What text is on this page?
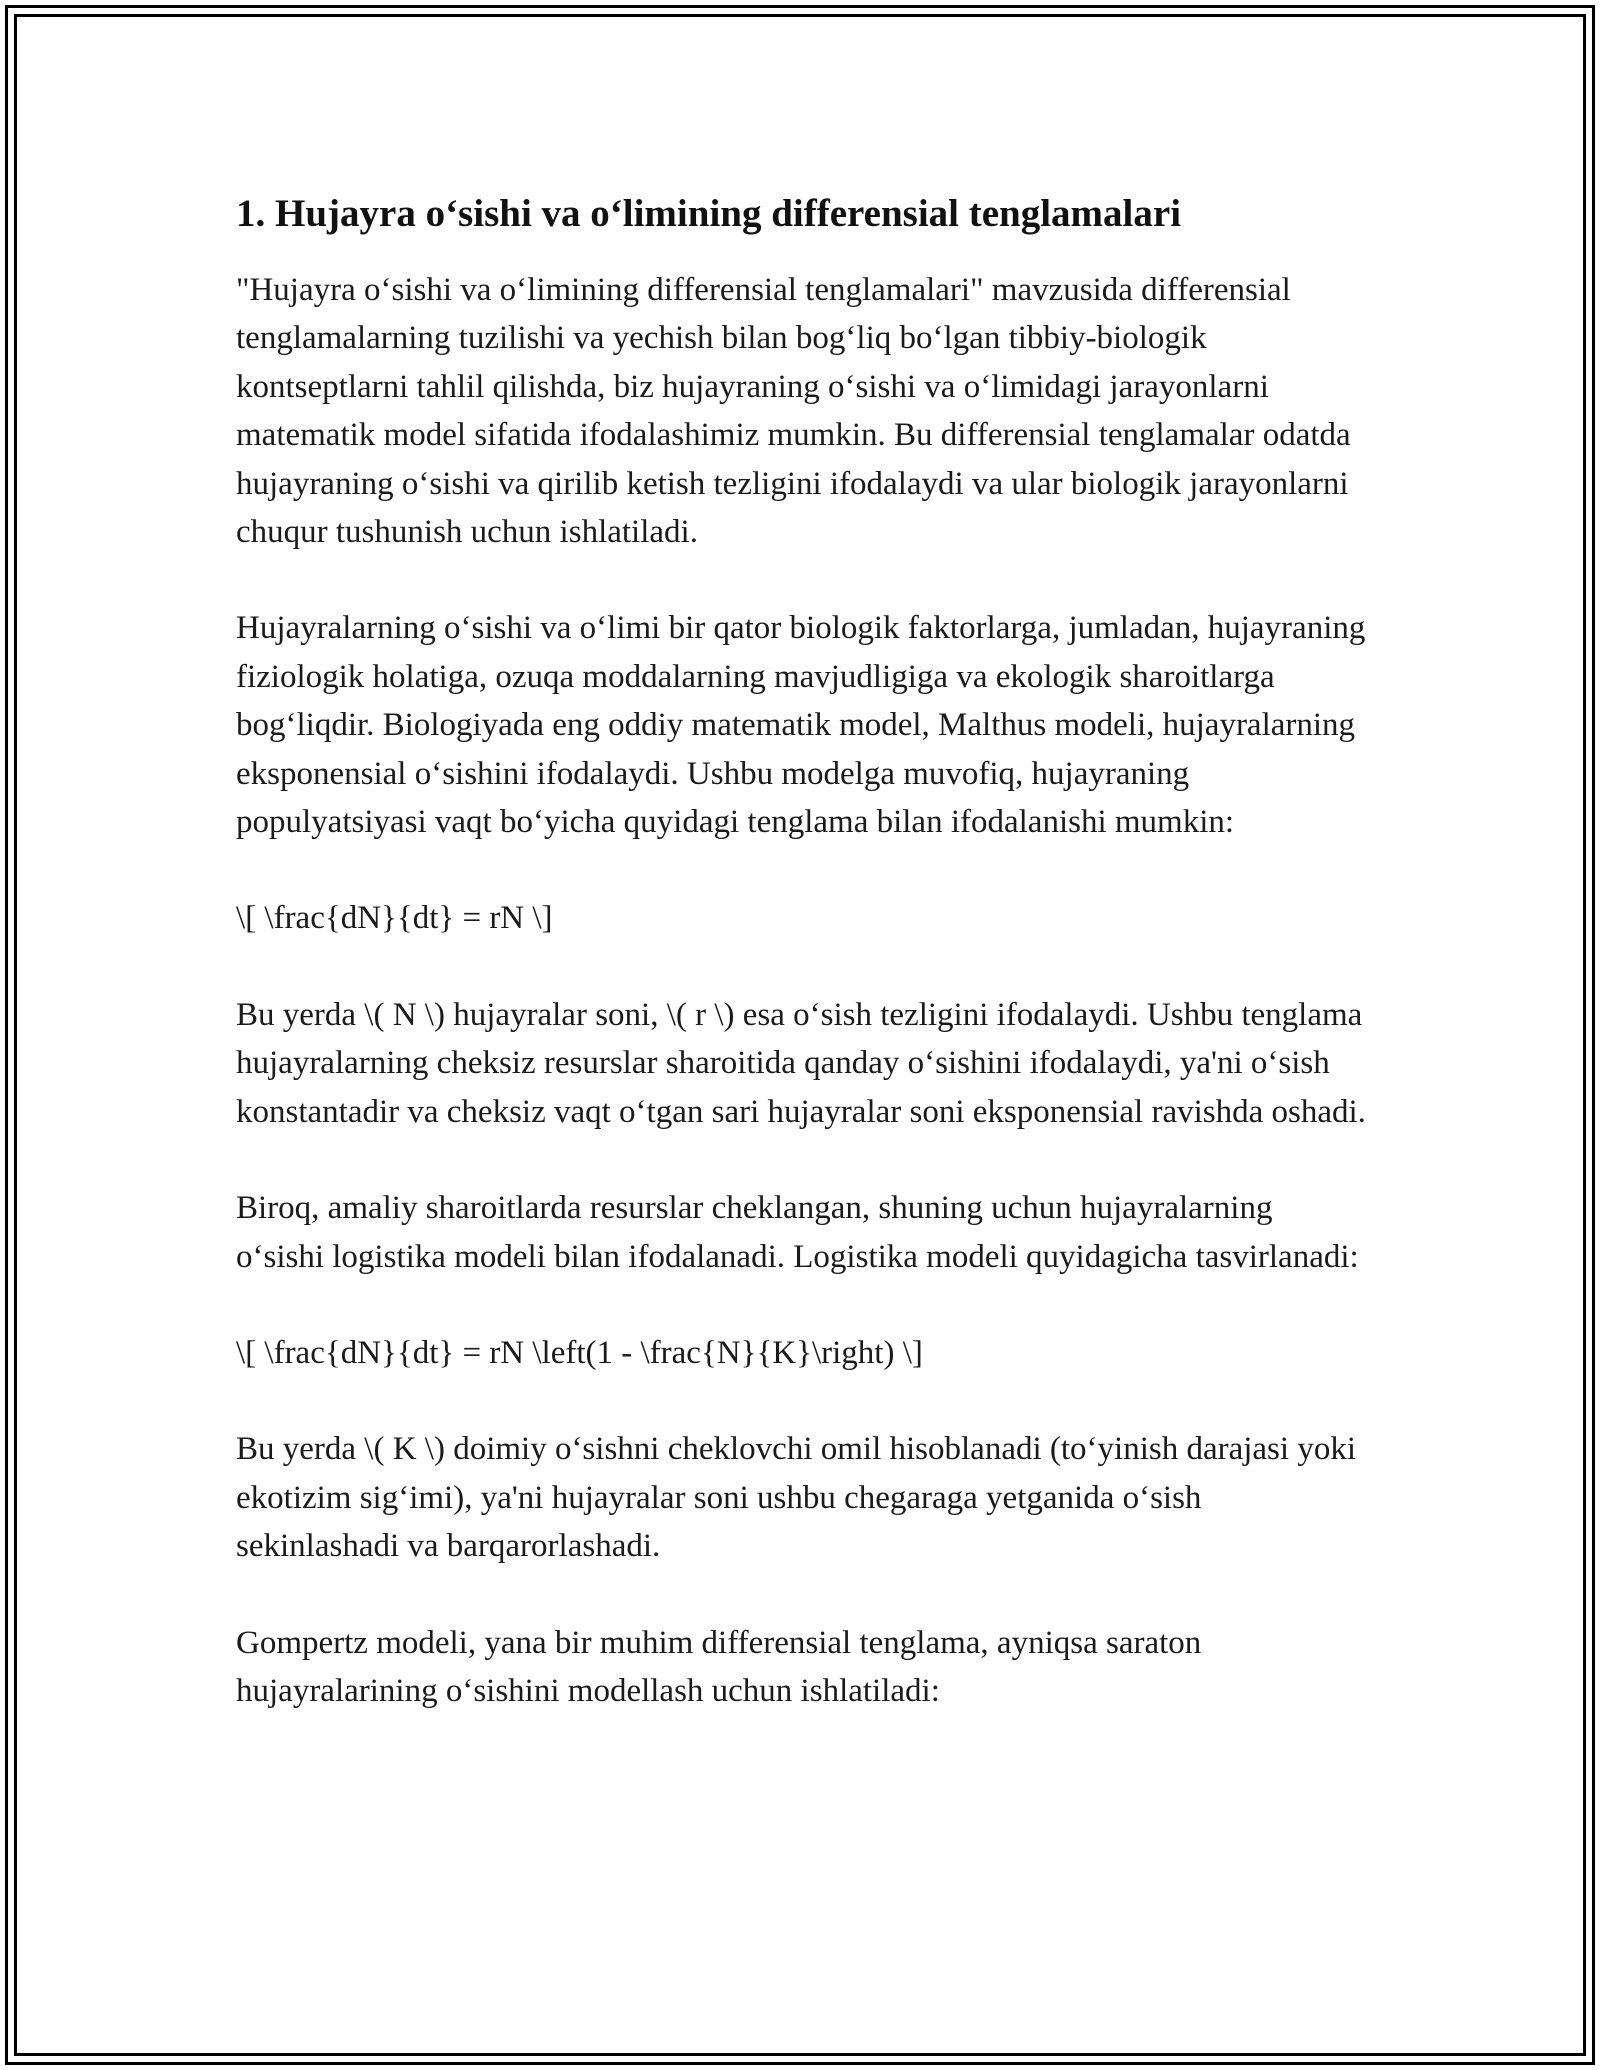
1. Hujayra o‘sishi va o‘limining differensial tenglamalari

"Hujayra o‘sishi va o‘limining differensial tenglamalari" mavzusida differensial tenglamalarning tuzilishi va yechish bilan bog‘liq bo‘lgan tibbiy-biologik kontseptlarni tahlil qilishda, biz hujayraning o‘sishi va o‘limidagi jarayonlarni matematik model sifatida ifodalashimiz mumkin. Bu differensial tenglamalar odatda hujayraning o‘sishi va qirilib ketish tezligini ifodalaydi va ular biologik jarayonlarni chuqur tushunish uchun ishlatiladi.

Hujayralarning o‘sishi va o‘limi bir qator biologik faktorlarga, jumladan, hujayraning fiziologik holatiga, ozuqa moddalarning mavjudligiga va ekologik sharoitlarga bog‘liqdir. Biologiyada eng oddiy matematik model, Malthus modeli, hujayralarning eksponensial o‘sishini ifodalaydi. Ushbu modelga muvofiq, hujayraning populyatsiyasi vaqt bo‘yicha quyidagi tenglama bilan ifodalanishi mumkin:

\[ \frac{dN}{dt} = rN \]

Bu yerda \( N \) hujayralar soni, \( r \) esa o‘sish tezligini ifodalaydi. Ushbu tenglama hujayralarning cheksiz resurslar sharoitida qanday o‘sishini ifodalaydi, ya'ni o‘sish konstantadir va cheksiz vaqt o‘tgan sari hujayralar soni eksponensial ravishda oshadi.

Biroq, amaliy sharoitlarda resurslar cheklangan, shuning uchun hujayralarning o‘sishi logistika modeli bilan ifodalanadi. Logistika modeli quyidagicha tasvirlanadi:

\[ \frac{dN}{dt} = rN \left(1 - \frac{N}{K}\right) \]

Bu yerda \( K \) doimiy o‘sishni cheklovchi omil hisoblanadi (to‘yinish darajasi yoki ekotizim sig‘imi), ya'ni hujayralar soni ushbu chegaraga yetganida o‘sish sekinlashadi va barqarorlashadi.

Gompertz modeli, yana bir muhim differensial tenglama, ayniqsa saraton hujayralarining o‘sishini modellash uchun ishlatiladi:
